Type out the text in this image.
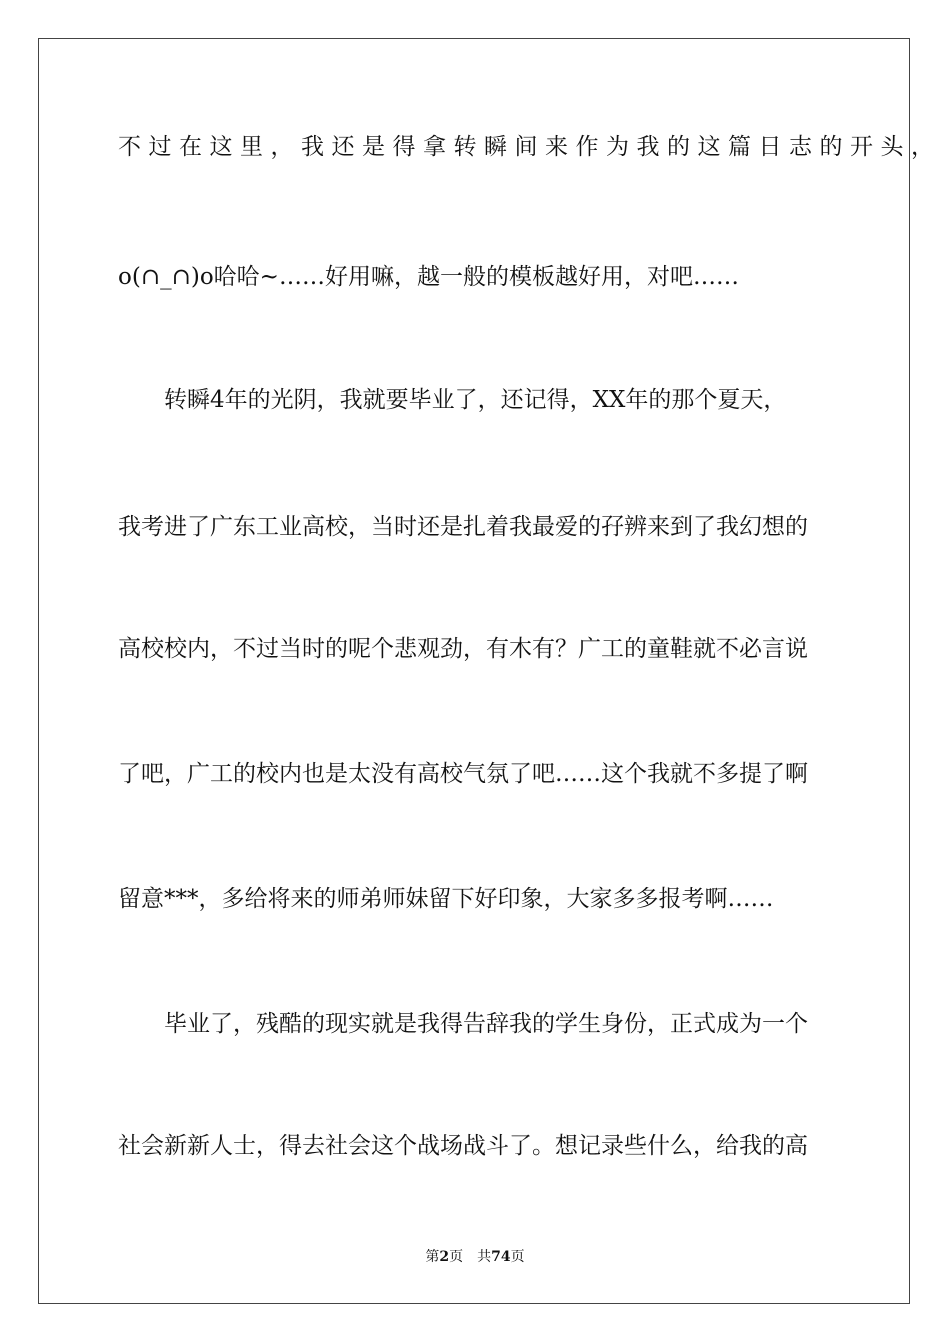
不过在这里，我还是得拿转瞬间来作为我的这篇日志的开头，
o(∩_∩)o哈哈~……好用嘛，越一般的模板越好用，对吧……
转瞬4年的光阴，我就要毕业了，还记得，XX年的那个夏天，
我考进了广东工业高校，当时还是扎着我最爱的孖辨来到了我幻想的
高校校内，不过当时的呢个悲观劲，有木有？广工的童鞋就不必言说
了吧，广工的校内也是太没有高校气氛了吧……这个我就不多提了啊
留意***，多给将来的师弟师妹留下好印象，大家多多报考啊……
毕业了，残酷的现实就是我得告辞我的学生身份，正式成为一个
社会新新人士，得去社会这个战场战斗了。想记录些什么，给我的高
第2页 共74页
